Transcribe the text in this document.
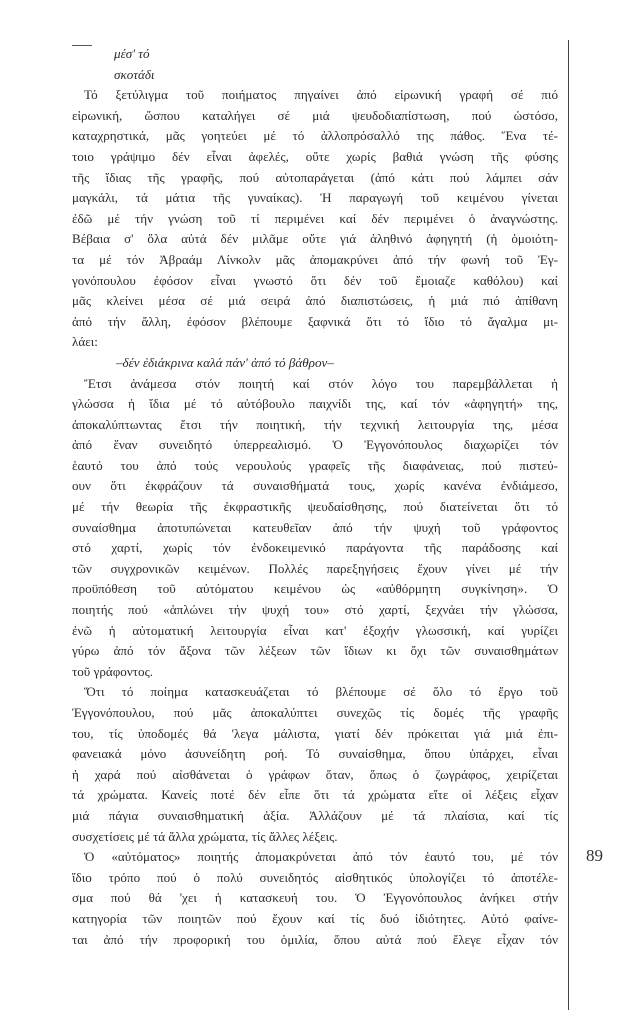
89
μέσ' τό
σκοτάδι
Τό ξετύλιγμα τοῦ ποιήματος πηγαίνει ἀπό εἰρωνική γραφή σέ πιό
εἰρωνική, ὥσπου καταλήγει σέ μιά ψευδοδιαπίστωση, πού ὡστόσο,
καταχρηστικά, μᾶς γοητεύει μέ τό ἀλλοπρόσαλλό της πάθος. Ἕνα τέ-
τοιο γράψιμο δέν εἶναι ἀφελές, οὔτε χωρίς βαθιά γνώση τῆς φύσης
τῆς ἴδιας τῆς γραφῆς, πού αὐτοπαράγεται (ἀπό κάτι πού λάμπει σάν
μαγκάλι, τά μάτια τῆς γυναίκας). Ἡ παραγωγή τοῦ κειμένου γίνεται
ἐδῶ μέ τήν γνώση τοῦ τί περιμένει καί δέν περιμένει ὁ ἀναγνώστης.
Βέβαια σ' ὅλα αὐτά δέν μιλᾶμε οὔτε γιά ἀληθινό ἀφηγητή (ἡ ὁμοιότη-
τα μέ τόν Ἀβραάμ Λίνκολν μᾶς ἀπομακρύνει ἀπό τήν φωνή τοῦ Ἐγ-
γονόπουλου ἐφόσον εἶναι γνωστό ὅτι δέν τοῦ ἔμοιαζε καθόλου) καί
μᾶς κλείνει μέσα σέ μιά σειρά ἀπό διαπιστώσεις, ἡ μιά πιό ἀπίθανη
ἀπό τήν ἄλλη, ἐφόσον βλέπουμε ξαφνικά ὅτι τό ἴδιο τό ἄγαλμα μι-
λάει:
–δέν ἐδιάκρινα καλά πάν' ἀπό τό βάθρον–
Ἔτσι ἀνάμεσα στόν ποιητή καί στόν λόγο του παρεμβάλλεται ἡ
γλώσσα ἡ ἴδια μέ τό αὐτόβουλο παιχνίδι της, καί τόν «ἀφηγητή» της,
ἀποκαλύπτωντας ἔτσι τήν ποιητική, τήν τεχνική λειτουργία της, μέσα
ἀπό ἕναν συνειδητό ὑπερρεαλισμό. Ὁ Ἐγγονόπουλος διαχωρίζει τόν
ἑαυτό του ἀπό τούς νερουλούς γραφεῖς τῆς διαφάνειας, πού πιστεύ-
ουν ὅτι ἐκφράζουν τά συναισθήματά τους, χωρίς κανένα ἐνδιάμεσο,
μέ τήν θεωρία τῆς ἐκφραστικῆς ψευδαίσθησης, πού διατείνεται ὅτι τό
συναίσθημα ἀποτυπώνεται κατευθεῖαν ἀπό τήν ψυχή τοῦ γράφοντος
στό χαρτί, χωρίς τόν ἐνδοκειμενικό παράγοντα τῆς παράδοσης καί
τῶν συγχρονικῶν κειμένων. Πολλές παρεξηγήσεις ἔχουν γίνει μέ τήν
προϋπόθεση τοῦ αὐτόματου κειμένου ὡς «αὐθόρμητη συγκίνηση». Ὁ
ποιητής πού «ἁπλώνει τήν ψυχή του» στό χαρτί, ξεχνάει τήν γλώσσα,
ἐνῶ ἡ αὐτοματική λειτουργία εἶναι κατ' ἐξοχήν γλωσσική, καί γυρίζει
γύρω ἀπό τόν ἄξονα τῶν λέξεων τῶν ἴδιων κι ὄχι τῶν συναισθημάτων
τοῦ γράφοντος.
Ὅτι τό ποίημα κατασκευάζεται τό βλέπουμε σέ ὅλο τό ἔργο τοῦ
Ἐγγονόπουλου, πού μᾶς ἀποκαλύπτει συνεχῶς τίς δομές τῆς γραφῆς
του, τίς ὑποδομές θά 'λεγα μάλιστα, γιατί δέν πρόκειται γιά μιά ἐπι-
φανειακά μόνο ἀσυνείδητη ροή. Τό συναίσθημα, ὅπου ὑπάρχει, εἶναι
ἡ χαρά πού αἰσθάνεται ὁ γράφων ὅταν, ὅπως ὁ ζωγράφος, χειρίζεται
τά χρώματα. Κανείς ποτέ δέν εἶπε ὅτι τά χρώματα εἴτε οἱ λέξεις εἶχαν
μιά πάγια συναισθηματική ἀξία. Ἀλλάζουν μέ τά πλαίσια, καί τίς
συσχετίσεις μέ τά ἄλλα χρώματα, τίς ἄλλες λέξεις.
Ὁ «αὐτόματος» ποιητής ἀπομακρύνεται ἀπό τόν ἑαυτό του, μέ τόν
ἴδιο τρόπο πού ὁ πολύ συνειδητός αἰσθητικός ὑπολογίζει τό ἀποτέλε-
σμα πού θά 'χει ἡ κατασκευή του. Ὁ Ἐγγονόπουλος ἀνήκει στήν
κατηγορία τῶν ποιητῶν πού ἔχουν καί τίς δυό ἰδιότητες. Αὐτό φαίνε-
ται ἀπό τήν προφορική του ὁμιλία, ὅπου αὐτά πού ἔλεγε εἶχαν τόν
